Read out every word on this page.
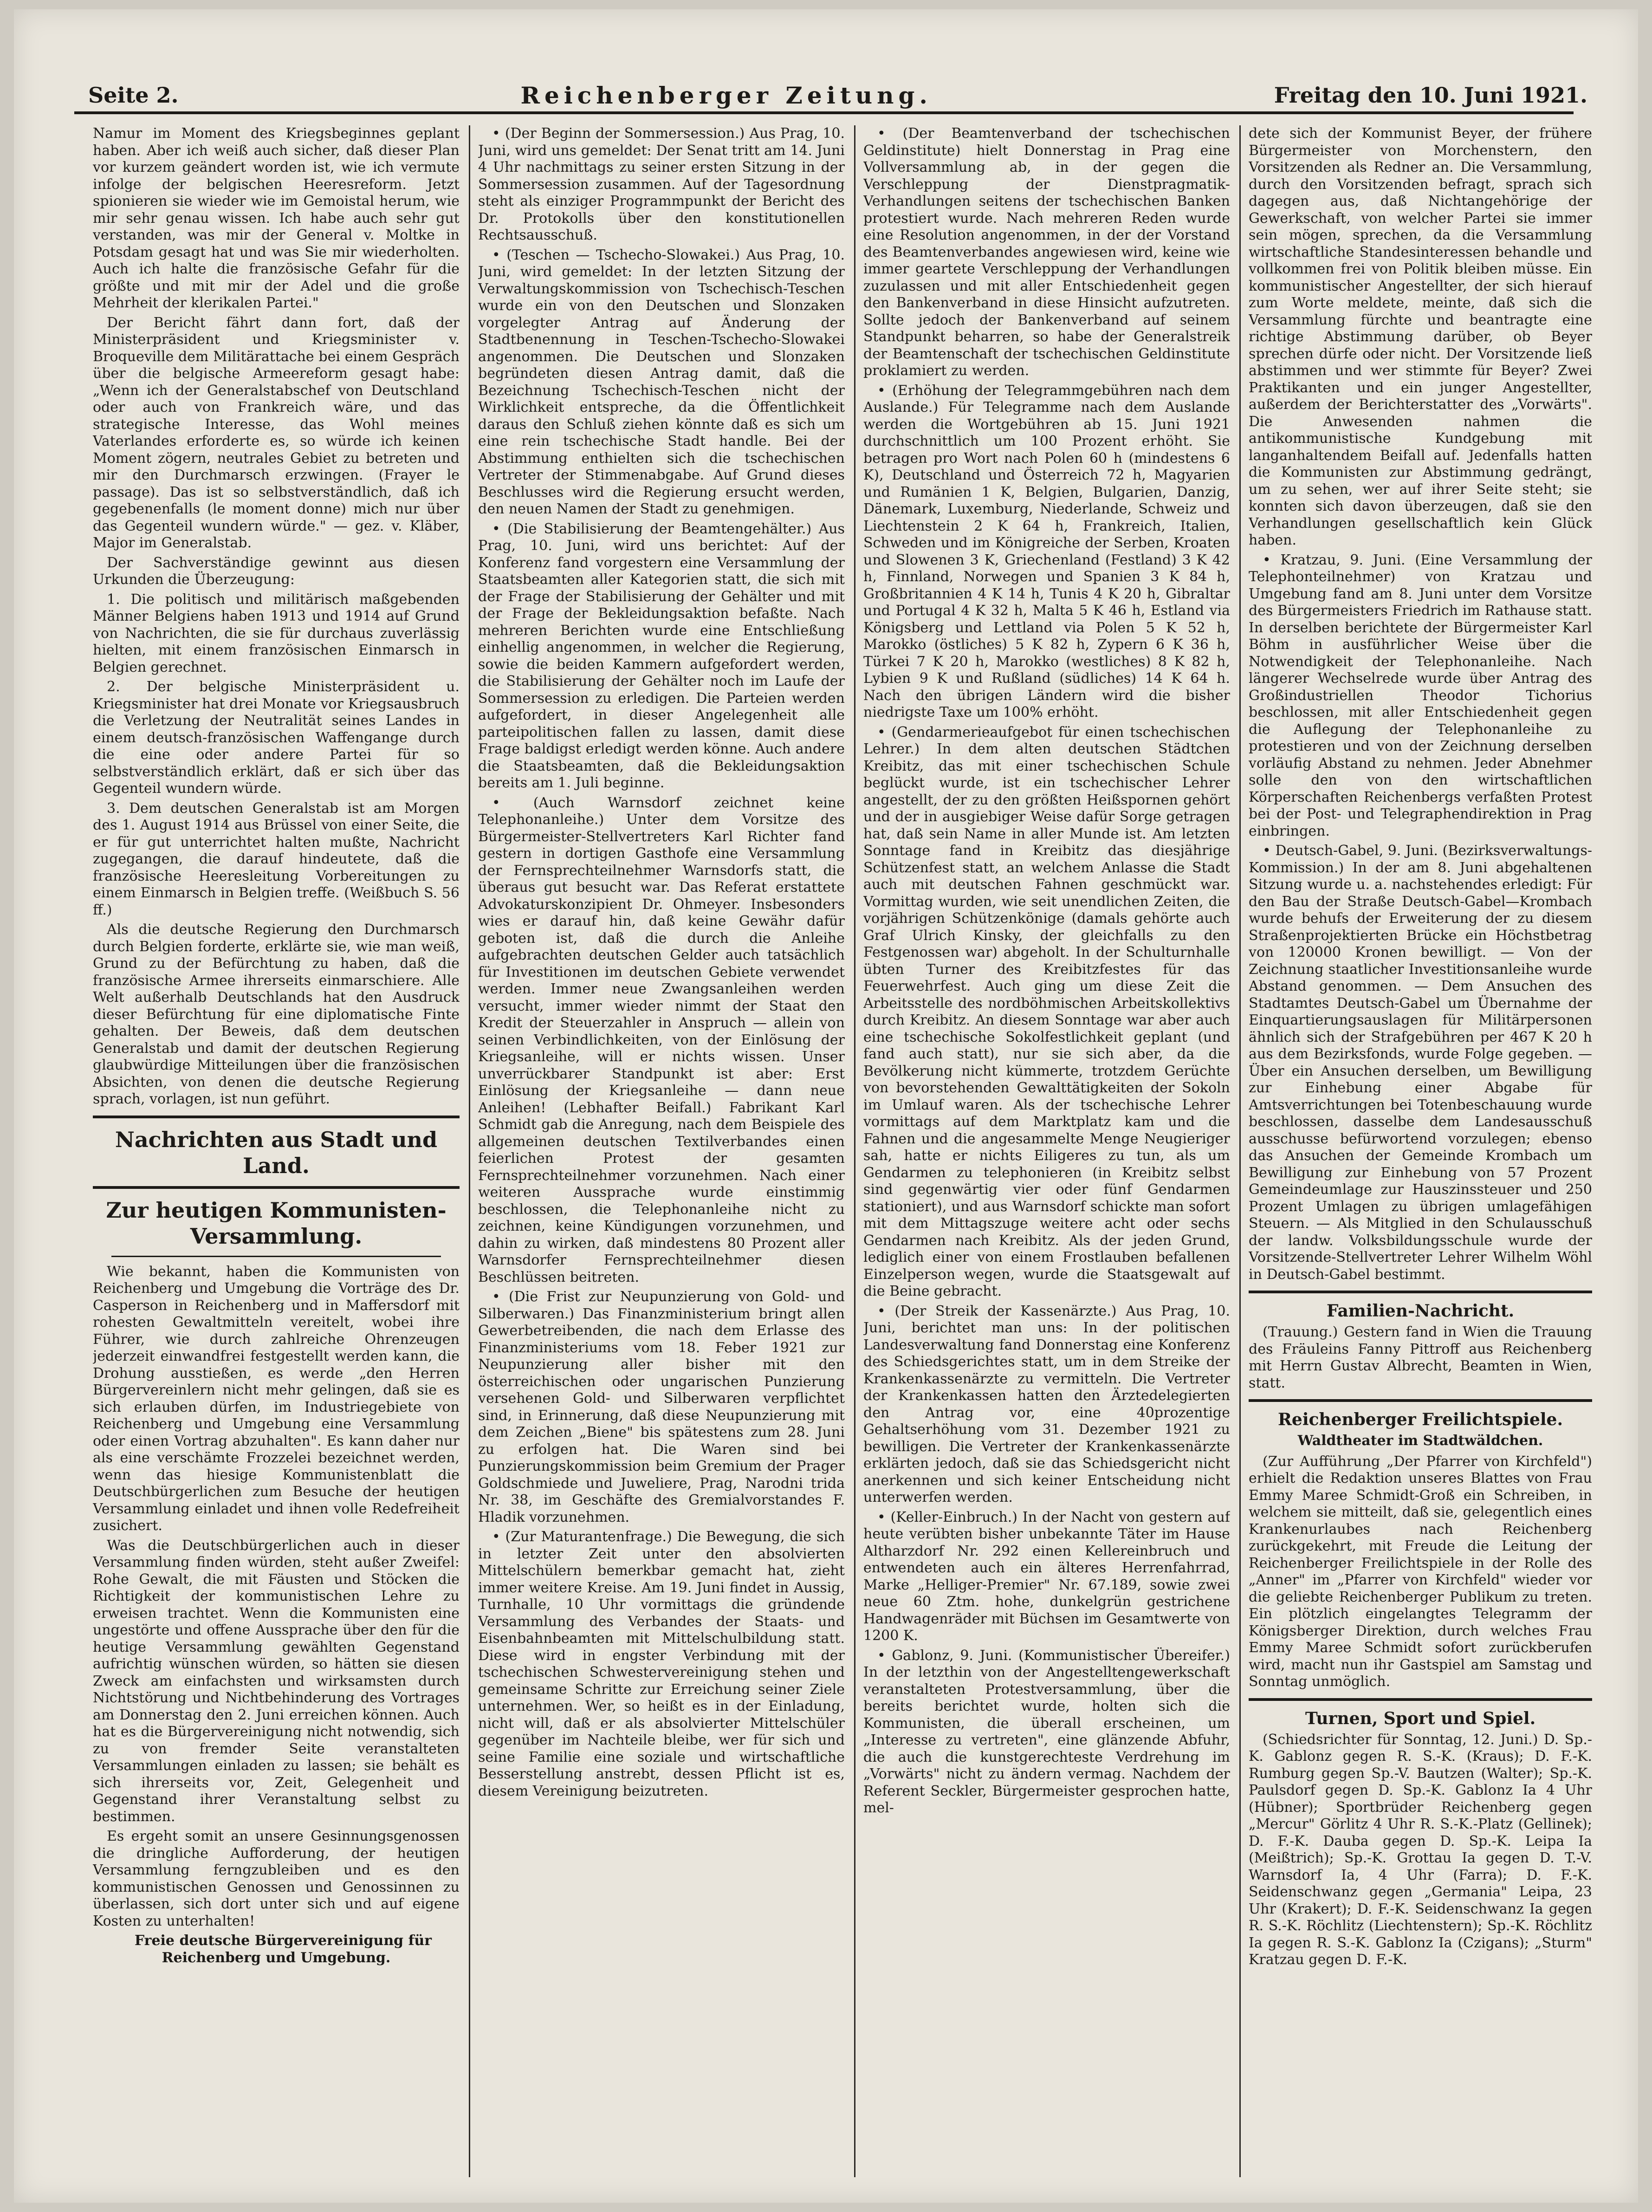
Seite 2.	Reichenberger Zeitung.	Freitag den 10. Juni 1921.

Namur im Moment des Kriegsbeginnes geplant haben. Aber ich weiß auch sicher, daß dieser Plan vor kurzem geändert worden ist, wie ich vermute infolge der belgischen Heeresreform. Jetzt spionieren sie wieder wie im Gemoistal herum, wie mir sehr genau wissen. Ich habe auch sehr gut verstanden, was mir der General v. Moltke in Potsdam gesagt hat und was Sie mir wiederholten. Auch ich halte die französische Gefahr für die größte und mit mir der Adel und die große Mehrheit der klerikalen Partei."

Der Bericht fährt dann fort, daß der Ministerpräsident und Kriegsminister v. Broqueville dem Militärattache bei einem Gespräch über die belgische Armeereform gesagt habe: „Wenn ich der Generalstabschef von Deutschland oder auch von Frankreich wäre, und das strategische Interesse, das Wohl meines Vaterlandes erforderte es, so würde ich keinen Moment zögern, neutrales Gebiet zu betreten und mir den Durchmarsch erzwingen. (Frayer le passage). Das ist so selbstverständlich, daß ich gegebenenfalls (le moment donne) mich nur über das Gegenteil wundern würde." — gez. v. Kläber, Major im Generalstab.

Der Sachverständige gewinnt aus diesen Urkunden die Überzeugung:

1. Die politisch und militärisch maßgebenden Männer Belgiens haben 1913 und 1914 auf Grund von Nachrichten, die sie für durchaus zuverlässig hielten, mit einem französischen Einmarsch in Belgien gerechnet.

2. Der belgische Ministerpräsident u. Kriegsminister hat drei Monate vor Kriegsausbruch die Verletzung der Neutralität seines Landes in einem deutsch-französischen Waffengange durch die eine oder andere Partei für so selbstverständlich erklärt, daß er sich über das Gegenteil wundern würde.

3. Dem deutschen Generalstab ist am Morgen des 1. August 1914 aus Brüssel von einer Seite, die er für gut unterrichtet halten mußte, Nachricht zugegangen, die darauf hindeutete, daß die französische Heeresleitung Vorbereitungen zu einem Einmarsch in Belgien treffe. (Weißbuch S. 56 ff.)

Als die deutsche Regierung den Durchmarsch durch Belgien forderte, erklärte sie, wie man weiß, Grund zu der Befürchtung zu haben, daß die französische Armee ihrerseits einmarschiere. Alle Welt außerhalb Deutschlands hat den Ausdruck dieser Befürchtung für eine diplomatische Finte gehalten. Der Beweis, daß dem deutschen Generalstab und damit der deutschen Regierung glaubwürdige Mitteilungen über die französischen Absichten, von denen die deutsche Regierung sprach, vorlagen, ist nun geführt.

Nachrichten aus Stadt und Land.
Zur heutigen Kommunisten-Versammlung.

Wie bekannt, haben die Kommunisten von Reichenberg und Umgebung die Vorträge des Dr. Casperson in Reichenberg und in Maffersdorf mit rohesten Gewaltmitteln vereitelt, wobei ihre Führer, wie durch zahlreiche Ohrenzeugen jederzeit einwandfrei festgestellt werden kann, die Drohung ausstießen, es werde „den Herren Bürgervereinlern nicht mehr gelingen, daß sie es sich erlauben dürfen, im Industriegebiete von Reichenberg und Umgebung eine Versammlung oder einen Vortrag abzuhalten". Es kann daher nur als eine verschämte Frozzelei bezeichnet werden, wenn das hiesige Kommunistenblatt die Deutschbürgerlichen zum Besuche der heutigen Versammlung einladet und ihnen volle Redefreiheit zusichert.

Was die Deutschbürgerlichen auch in dieser Versammlung finden würden, steht außer Zweifel: Rohe Gewalt, die mit Fäusten und Stöcken die Richtigkeit der kommunistischen Lehre zu erweisen trachtet. Wenn die Kommunisten eine ungestörte und offene Aussprache über den für die heutige Versammlung gewählten Gegenstand aufrichtig wünschen würden, so hätten sie diesen Zweck am einfachsten und wirksamsten durch Nichtstörung und Nichtbehinderung des Vortrages am Donnerstag den 2. Juni erreichen können. Auch hat es die Bürgervereinigung nicht notwendig, sich zu von fremder Seite veranstalteten Versammlungen einladen zu lassen; sie behält es sich ihrerseits vor, Zeit, Gelegenheit und Gegenstand ihrer Veranstaltung selbst zu bestimmen.

Es ergeht somit an unsere Gesinnungsgenossen die dringliche Aufforderung, der heutigen Versammlung ferngzubleiben und es den kommunistischen Genossen und Genossinnen zu überlassen, sich dort unter sich und auf eigene Kosten zu unterhalten!

Freie deutsche Bürgervereinigung für Reichenberg und Umgebung.

• (Der Beginn der Sommersession.) Aus Prag, 10. Juni, wird uns gemeldet: Der Senat tritt am 14. Juni 4 Uhr nachmittags zu seiner ersten Sitzung in der Sommersession zusammen. Auf der Tagesordnung steht als einziger Programmpunkt der Bericht des Dr. Protokolls über den konstitutionellen Rechtsausschuß.

• (Teschen — Tschecho-Slowakei.) Aus Prag, 10. Juni, wird gemeldet: In der letzten Sitzung der Verwaltungskommission von Tschechisch-Teschen wurde ein von den Deutschen und Slonzaken vorgelegter Antrag auf Änderung der Stadtbenennung in Teschen-Tschecho-Slowakei angenommen. Die Deutschen und Slonzaken begründeten diesen Antrag damit, daß die Bezeichnung Tschechisch-Teschen nicht der Wirklichkeit entspreche, da die Öffentlichkeit daraus den Schluß ziehen könnte daß es sich um eine rein tschechische Stadt handle. Bei der Abstimmung enthielten sich die tschechischen Vertreter der Stimmenabgabe. Auf Grund dieses Beschlusses wird die Regierung ersucht werden, den neuen Namen der Stadt zu genehmigen.

• (Die Stabilisierung der Beamtengehälter.) Aus Prag, 10. Juni, wird uns berichtet: Auf der Konferenz fand vorgestern eine Versammlung der Staatsbeamten aller Kategorien statt, die sich mit der Frage der Stabilisierung der Gehälter und mit der Frage der Bekleidungsaktion befaßte. Nach mehreren Berichten wurde eine Entschließung einhellig angenommen, in welcher die Regierung, sowie die beiden Kammern aufgefordert werden, die Stabilisierung der Gehälter noch im Laufe der Sommersession zu erledigen. Die Parteien werden aufgefordert, in dieser Angelegenheit alle parteipolitischen fallen zu lassen, damit diese Frage baldigst erledigt werden könne. Auch andere die Staatsbeamten, daß die Bekleidungsaktion bereits am 1. Juli beginne.

• (Auch Warnsdorf zeichnet keine Telephonanleihe.) Unter dem Vorsitze des Bürgermeister-Stellvertreters Karl Richter fand gestern in dortigen Gasthofe eine Versammlung der Fernsprechteilnehmer Warnsdorfs statt, die überaus gut besucht war. Das Referat erstattete Advokaturskonzipient Dr. Ohmeyer. Insbesonders wies er darauf hin, daß keine Gewähr dafür geboten ist, daß die durch die Anleihe aufgebrachten deutschen Gelder auch tatsächlich für Investitionen im deutschen Gebiete verwendet werden. Immer neue Zwangsanleihen werden versucht, immer wieder nimmt der Staat den Kredit der Steuerzahler in Anspruch — allein von seinen Verbindlichkeiten, von der Einlösung der Kriegsanleihe, will er nichts wissen. Unser unverrückbarer Standpunkt ist aber: Erst Einlösung der Kriegsanleihe — dann neue Anleihen! (Lebhafter Beifall.) Fabrikant Karl Schmidt gab die Anregung, nach dem Beispiele des allgemeinen deutschen Textilverbandes einen feierlichen Protest der gesamten Fernsprechteilnehmer vorzunehmen. Nach einer weiteren Aussprache wurde einstimmig beschlossen, die Telephonanleihe nicht zu zeichnen, keine Kündigungen vorzunehmen, und dahin zu wirken, daß mindestens 80 Prozent aller Warnsdorfer Fernsprechteilnehmer diesen Beschlüssen beitreten.

• (Die Frist zur Neupunzierung von Gold- und Silberwaren.) Das Finanzministerium bringt allen Gewerbetreibenden, die nach dem Erlasse des Finanzministeriums vom 18. Feber 1921 zur Neupunzierung aller bisher mit den österreichischen oder ungarischen Punzierung versehenen Gold- und Silberwaren verpflichtet sind, in Erinnerung, daß diese Neupunzierung mit dem Zeichen „Biene" bis spätestens zum 28. Juni zu erfolgen hat. Die Waren sind bei Punzierungskommission beim Gremium der Prager Goldschmiede und Juweliere, Prag, Narodni trida Nr. 38, im Geschäfte des Gremialvorstandes F. Hladik vorzunehmen.

• (Zur Maturantenfrage.) Die Bewegung, die sich in letzter Zeit unter den absolvierten Mittelschülern bemerkbar gemacht hat, zieht immer weitere Kreise. Am 19. Juni findet in Aussig, Turnhalle, 10 Uhr vormittags die gründende Versammlung des Verbandes der Staats- und Eisenbahnbeamten mit Mittelschulbildung statt. Diese wird in engster Verbindung mit der tschechischen Schwestervereinigung stehen und gemeinsame Schritte zur Erreichung seiner Ziele unternehmen. Wer, so heißt es in der Einladung, nicht will, daß er als absolvierter Mittelschüler gegenüber im Nachteile bleibe, wer für sich und seine Familie eine soziale und wirtschaftliche Besserstellung anstrebt, dessen Pflicht ist es, diesem Vereinigung beizutreten.

• (Der Beamtenverband der tschechischen Geldinstitute) hielt Donnerstag in Prag eine Vollversammlung ab, in der gegen die Verschleppung der Dienstpragmatik-Verhandlungen seitens der tschechischen Banken protestiert wurde. Nach mehreren Reden wurde eine Resolution angenommen, in der der Vorstand des Beamtenverbandes angewiesen wird, keine wie immer geartete Verschleppung der Verhandlungen zuzulassen und mit aller Entschiedenheit gegen den Bankenverband in diese Hinsicht aufzutreten. Sollte jedoch der Bankenverband auf seinem Standpunkt beharren, so habe der Generalstreik der Beamtenschaft der tschechischen Geldinstitute proklamiert zu werden.

• (Erhöhung der Telegrammgebühren nach dem Auslande.) Für Telegramme nach dem Auslande werden die Wortgebühren ab 15. Juni 1921 durchschnittlich um 100 Prozent erhöht. Sie betragen pro Wort nach Polen 60 h (mindestens 6 K), Deutschland und Österreich 72 h, Magyarien und Rumänien 1 K, Belgien, Bulgarien, Danzig, Dänemark, Luxemburg, Niederlande, Schweiz und Liechtenstein 2 K 64 h, Frankreich, Italien, Schweden und im Königreiche der Serben, Kroaten und Slowenen 3 K, Griechenland (Festland) 3 K 42 h, Finnland, Norwegen und Spanien 3 K 84 h, Großbritannien 4 K 14 h, Tunis 4 K 20 h, Gibraltar und Portugal 4 K 32 h, Malta 5 K 46 h, Estland via Königsberg und Lettland via Polen 5 K 52 h, Marokko (östliches) 5 K 82 h, Zypern 6 K 36 h, Türkei 7 K 20 h, Marokko (westliches) 8 K 82 h, Lybien 9 K und Rußland (südliches) 14 K 64 h. Nach den übrigen Ländern wird die bisher niedrigste Taxe um 100% erhöht.

• (Gendarmerieaufgebot für einen tschechischen Lehrer.) In dem alten deutschen Städtchen Kreibitz, das mit einer tschechischen Schule beglückt wurde, ist ein tschechischer Lehrer angestellt, der zu den größten Heißspornen gehört und der in ausgiebiger Weise dafür Sorge getragen hat, daß sein Name in aller Munde ist. Am letzten Sonntage fand in Kreibitz das diesjährige Schützenfest statt, an welchem Anlasse die Stadt auch mit deutschen Fahnen geschmückt war. Vormittag wurden, wie seit unendlichen Zeiten, die vorjährigen Schützenkönige (damals gehörte auch Graf Ulrich Kinsky, der gleichfalls zu den Festgenossen war) abgeholt. In der Schulturnhalle übten Turner des Kreibitzfestes für das Feuerwehrfest. Auch ging um diese Zeit die Arbeitsstelle des nordböhmischen Arbeitskollektivs durch Kreibitz. An diesem Sonntage war aber auch eine tschechische Sokolfestlichkeit geplant (und fand auch statt), nur sie sich aber, da die Bevölkerung nicht kümmerte, trotzdem Gerüchte von bevorstehenden Gewalttätigkeiten der Sokoln im Umlauf waren. Als der tschechische Lehrer vormittags auf dem Marktplatz kam und die Fahnen und die angesammelte Menge Neugieriger sah, hatte er nichts Eiligeres zu tun, als um Gendarmen zu telephonieren (in Kreibitz selbst sind gegenwärtig vier oder fünf Gendarmen stationiert), und aus Warnsdorf schickte man sofort mit dem Mittagszuge weitere acht oder sechs Gendarmen nach Kreibitz. Als der jeden Grund, lediglich einer von einem Frostlauben befallenen Einzelperson wegen, wurde die Staatsgewalt auf die Beine gebracht.

• (Der Streik der Kassenärzte.) Aus Prag, 10. Juni, berichtet man uns: In der politischen Landesverwaltung fand Donnerstag eine Konferenz des Schiedsgerichtes statt, um in dem Streike der Krankenkassenärzte zu vermitteln. Die Vertreter der Krankenkassen hatten den Ärztedelegierten den Antrag vor, eine 40prozentige Gehaltserhöhung vom 31. Dezember 1921 zu bewilligen. Die Vertreter der Krankenkassenärzte erklärten jedoch, daß sie das Schiedsgericht nicht anerkennen und sich keiner Entscheidung nicht unterwerfen werden.

• (Keller-Einbruch.) In der Nacht von gestern auf heute verübten bisher unbekannte Täter im Hause Altharzdorf Nr. 292 einen Kellereinbruch und entwendeten auch ein älteres Herrenfahrrad, Marke „Helliger-Premier" Nr. 67.189, sowie zwei neue 60 Ztm. hohe, dunkelgrün gestrichene Handwagenräder mit Büchsen im Gesamtwerte von 1200 K.

• Gablonz, 9. Juni. (Kommunistischer Übereifer.) In der letzthin von der Angestelltengewerkschaft veranstalteten Protestversammlung, über die bereits berichtet wurde, holten sich die Kommunisten, die überall erscheinen, um „Interesse zu vertreten", eine glänzende Abfuhr, die auch die kunstgerechteste Verdrehung im „Vorwärts" nicht zu ändern vermag. Nachdem der Referent Seckler, Bürgermeister gesprochen hatte, mel-

dete sich der Kommunist Beyer, der frühere Bürgermeister von Morchenstern, den Vorsitzenden als Redner an. Die Versammlung, durch den Vorsitzenden befragt, sprach sich dagegen aus, daß Nichtangehörige der Gewerkschaft, von welcher Partei sie immer sein mögen, sprechen, da die Versammlung wirtschaftliche Standesinteressen behandle und vollkommen frei von Politik bleiben müsse. Ein kommunistischer Angestellter, der sich hierauf zum Worte meldete, meinte, daß sich die Versammlung fürchte und beantragte eine richtige Abstimmung darüber, ob Beyer sprechen dürfe oder nicht. Der Vorsitzende ließ abstimmen und wer stimmte für Beyer? Zwei Praktikanten und ein junger Angestellter, außerdem der Berichterstatter des „Vorwärts". Die Anwesenden nahmen die antikommunistische Kundgebung mit langanhaltendem Beifall auf. Jedenfalls hatten die Kommunisten zur Abstimmung gedrängt, um zu sehen, wer auf ihrer Seite steht; sie konnten sich davon überzeugen, daß sie den Verhandlungen gesellschaftlich kein Glück haben.

• Kratzau, 9. Juni. (Eine Versammlung der Telephonteilnehmer) von Kratzau und Umgebung fand am 8. Juni unter dem Vorsitze des Bürgermeisters Friedrich im Rathause statt. In derselben berichtete der Bürgermeister Karl Böhm in ausführlicher Weise über die Notwendigkeit der Telephonanleihe. Nach längerer Wechselrede wurde über Antrag des Großindustriellen Theodor Tichorius beschlossen, mit aller Entschiedenheit gegen die Auflegung der Telephonanleihe zu protestieren und von der Zeichnung derselben vorläufig Abstand zu nehmen. Jeder Abnehmer solle den von den wirtschaftlichen Körperschaften Reichenbergs verfaßten Protest bei der Post- und Telegraphendirektion in Prag einbringen.

• Deutsch-Gabel, 9. Juni. (Bezirksverwaltungs-Kommission.) In der am 8. Juni abgehaltenen Sitzung wurde u. a. nachstehendes erledigt: Für den Bau der Straße Deutsch-Gabel—Krombach wurde behufs der Erweiterung der zu diesem Straßenprojektierten Brücke ein Höchstbetrag von 120000 Kronen bewilligt. — Von der Zeichnung staatlicher Investitionsanleihe wurde Abstand genommen. — Dem Ansuchen des Stadtamtes Deutsch-Gabel um Übernahme der Einquartierungsauslagen für Militärpersonen ähnlich sich der Strafgebühren per 467 K 20 h aus dem Bezirksfonds, wurde Folge gegeben. — Über ein Ansuchen derselben, um Bewilligung zur Einhebung einer Abgabe für Amtsverrichtungen bei Totenbeschauung wurde beschlossen, dasselbe dem Landesausschuß ausschusse befürwortend vorzulegen; ebenso das Ansuchen der Gemeinde Krombach um Bewilligung zur Einhebung von 57 Prozent Gemeindeumlage zur Hauszinssteuer und 250 Prozent Umlagen zu übrigen umlagefähigen Steuern. — Als Mitglied in den Schulausschuß der landw. Volksbildungsschule wurde der Vorsitzende-Stellvertreter Lehrer Wilhelm Wöhl in Deutsch-Gabel bestimmt.

Familien-Nachricht.

(Trauung.) Gestern fand in Wien die Trauung des Fräuleins Fanny Pittroff aus Reichenberg mit Herrn Gustav Albrecht, Beamten in Wien, statt.

Reichenberger Freilichtspiele.
Waldtheater im Stadtwäldchen.

(Zur Aufführung „Der Pfarrer von Kirchfeld") erhielt die Redaktion unseres Blattes von Frau Emmy Maree Schmidt-Groß ein Schreiben, in welchem sie mitteilt, daß sie, gelegentlich eines Krankenurlaubes nach Reichenberg zurückgekehrt, mit Freude die Leitung der Reichenberger Freilichtspiele in der Rolle des „Anner" im „Pfarrer von Kirchfeld" wieder vor die geliebte Reichenberger Publikum zu treten. Ein plötzlich eingelangtes Telegramm der Königsberger Direktion, durch welches Frau Emmy Maree Schmidt sofort zurückberufen wird, macht nun ihr Gastspiel am Samstag und Sonntag unmöglich.

Turnen, Sport und Spiel.

(Schiedsrichter für Sonntag, 12. Juni.) D. Sp.-K. Gablonz gegen R. S.-K. (Kraus); D. F.-K. Rumburg gegen Sp.-V. Bautzen (Walter); Sp.-K. Paulsdorf gegen D. Sp.-K. Gablonz Ia 4 Uhr (Hübner); Sportbrüder Reichenberg gegen „Mercur" Görlitz 4 Uhr R. S.-K.-Platz (Gellinek); D. F.-K. Dauba gegen D. Sp.-K. Leipa Ia (Meißtrich); Sp.-K. Grottau Ia gegen D. T.-V. Warnsdorf Ia, 4 Uhr (Farra); D. F.-K. Seidenschwanz gegen „Germania" Leipa, 23 Uhr (Krakert); D. F.-K. Seidenschwanz Ia gegen R. S.-K. Röchlitz (Liechtenstern); Sp.-K. Röchlitz Ia gegen R. S.-K. Gablonz Ia (Czigans); „Sturm" Kratzau gegen D. F.-K.
